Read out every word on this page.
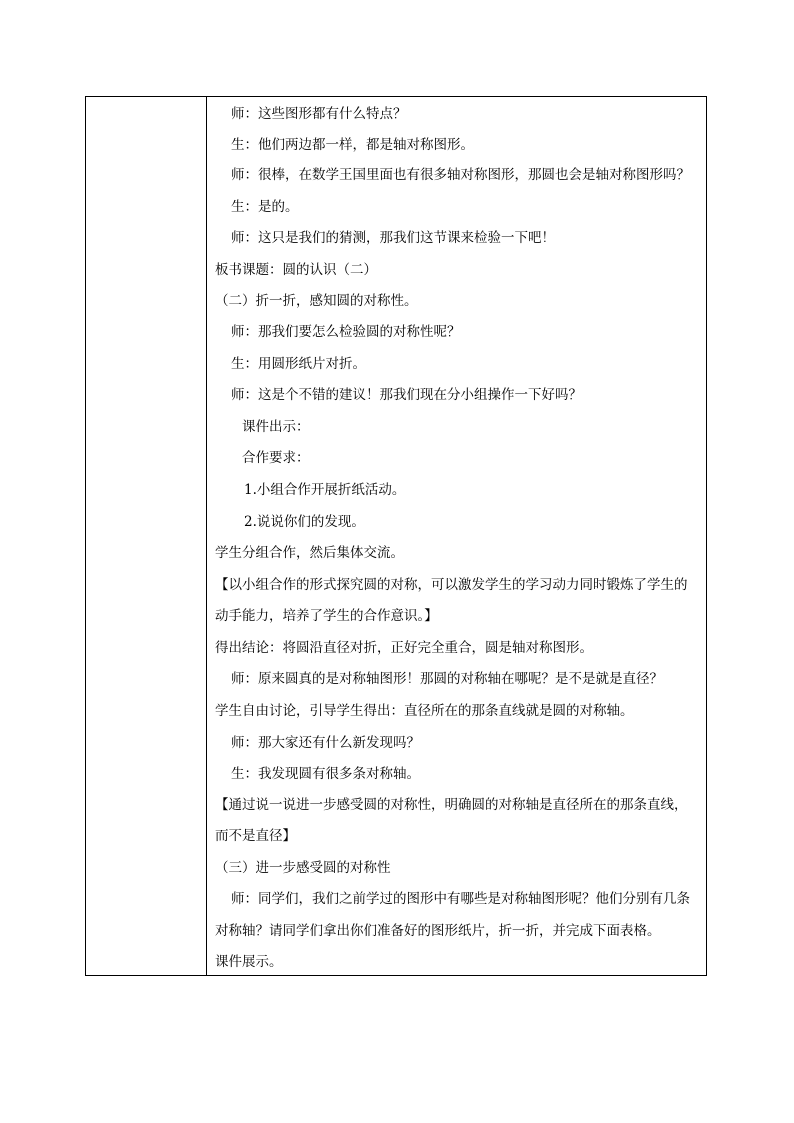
师：这些图形都有什么特点？
生：他们两边都一样，都是轴对称图形。
师：很棒，在数学王国里面也有很多轴对称图形，那圆也会是轴对称图形吗？
生：是的。
师：这只是我们的猜测，那我们这节课来检验一下吧！
板书课题：圆的认识（二）
（二）折一折，感知圆的对称性。
师：那我们要怎么检验圆的对称性呢？
生：用圆形纸片对折。
师：这是个不错的建议！那我们现在分小组操作一下好吗？
课件出示：
合作要求：
1.小组合作开展折纸活动。
2.说说你们的发现。
学生分组合作，然后集体交流。
【以小组合作的形式探究圆的对称，可以激发学生的学习动力同时锻炼了学生的
动手能力，培养了学生的合作意识。】
得出结论：将圆沿直径对折，正好完全重合，圆是轴对称图形。
师：原来圆真的是对称轴图形！那圆的对称轴在哪呢？是不是就是直径？
学生自由讨论，引导学生得出：直径所在的那条直线就是圆的对称轴。
师：那大家还有什么新发现吗？
生：我发现圆有很多条对称轴。
【通过说一说进一步感受圆的对称性，明确圆的对称轴是直径所在的那条直线，
而不是直径】
（三）进一步感受圆的对称性
师：同学们，我们之前学过的图形中有哪些是对称轴图形呢？他们分别有几条
对称轴？请同学们拿出你们准备好的图形纸片，折一折，并完成下面表格。
课件展示。
